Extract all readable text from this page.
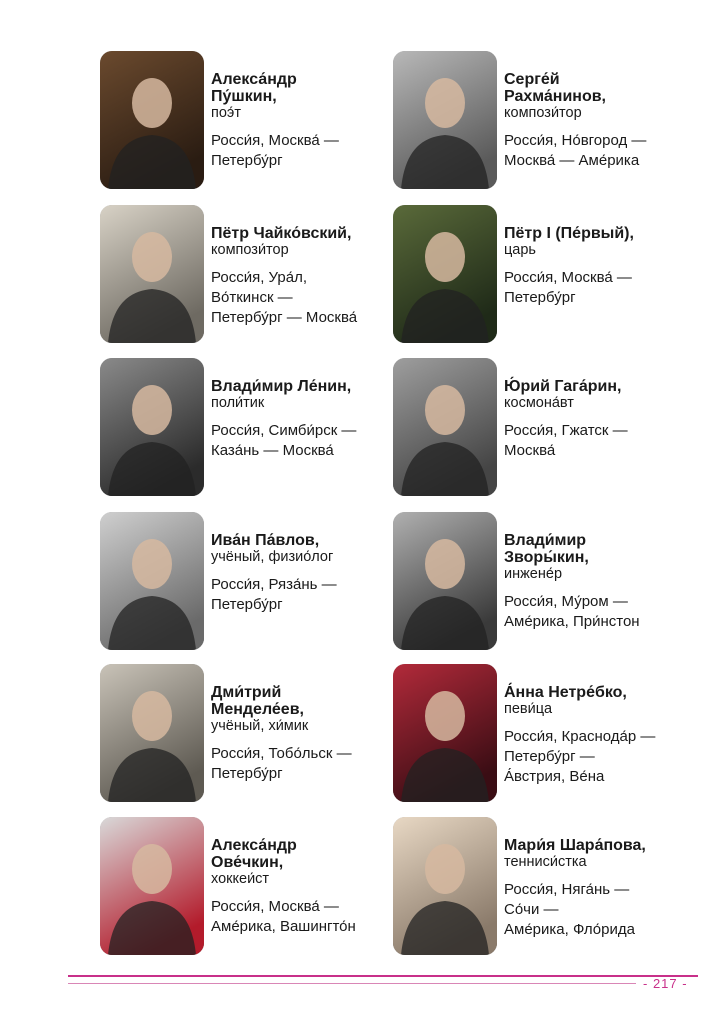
Алекса́ндр
Пу́шкин,
поэ́т
Росси́я, Москва́ —
Петербу́рг
Серге́й
Рахма́нинов,
компози́тор
Росси́я, Но́вгород —
Москва́ — Аме́рика
Пётр Чайко́вский,
компози́тор
Росси́я, Ура́л,
Во́ткинск —
Петербу́рг — Москва́
Пётр I (Пе́рвый),
царь
Росси́я, Москва́ —
Петербу́рг
Влади́мир Ле́нин,
поли́тик
Росси́я, Симби́рск —
Каза́нь — Москва́
Ю́рий Гага́рин,
космона́вт
Росси́я, Гжатск —
Москва́
Ива́н Па́влов,
учёный, физио́лог
Росси́я, Ряза́нь —
Петербу́рг
Влади́мир
Зворы́кин,
инжене́р
Росси́я, Му́ром —
Аме́рика, При́нстон
Дми́трий
Менделе́ев,
учёный, хи́мик
Росси́я, Тобо́льск —
Петербу́рг
А́нна Нетре́бко,
певи́ца
Росси́я, Краснода́р —
Петербу́рг —
А́встрия, Ве́на
Алекса́ндр
Ове́чкин,
хоккеи́ст
Росси́я, Москва́ —
Аме́рика, Вашингто́н
Мари́я Шара́пова,
тенниси́стка
Росси́я, Няга́нь —
Со́чи —
Аме́рика, Фло́рида
- 217 -
